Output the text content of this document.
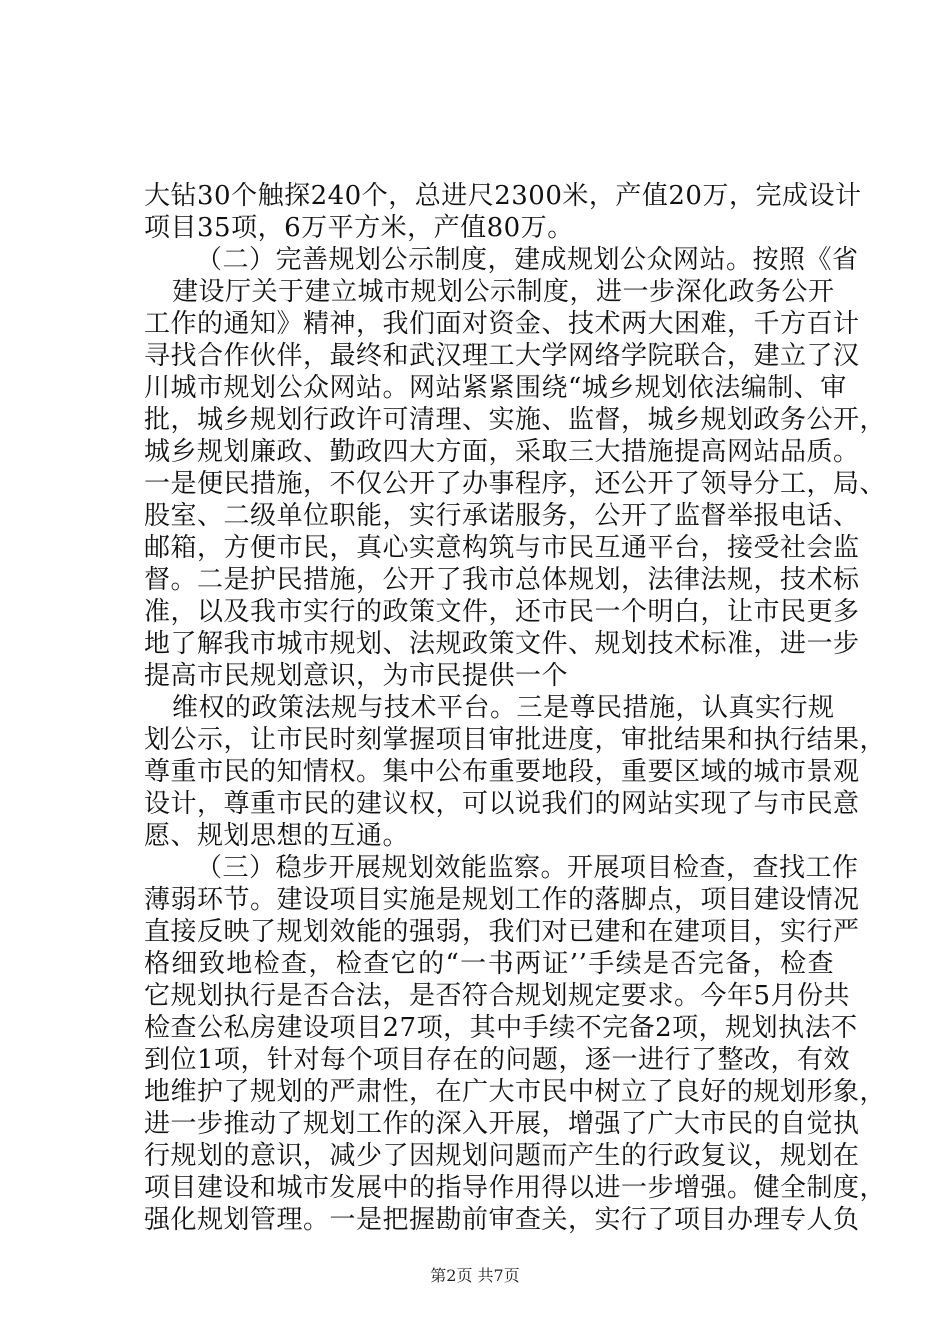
大钻30个触探240个，总进尺2300米，产值20万，完成设计
项目35项，6万平方米，产值80万。
（二）完善规划公示制度，建成规划公众网站。按照《省
建设厅关于建立城市规划公示制度，进一步深化政务公开
工作的通知》精神，我们面对资金、技术两大困难，千方百计
寻找合作伙伴，最终和武汉理工大学网络学院联合，建立了汉
川城市规划公众网站。网站紧紧围绕“城乡规划依法编制、审
批，城乡规划行政许可清理、实施、监督，城乡规划政务公开，
城乡规划廉政、勤政四大方面，采取三大措施提高网站品质。
一是便民措施，不仅公开了办事程序，还公开了领导分工，局、
股室、二级单位职能，实行承诺服务，公开了监督举报电话、
邮箱，方便市民，真心实意构筑与市民互通平台，接受社会监
督。二是护民措施，公开了我市总体规划，法律法规，技术标
准，以及我市实行的政策文件，还市民一个明白，让市民更多
地了解我市城市规划、法规政策文件、规划技术标准，进一步
提高市民规划意识，为市民提供一个
维权的政策法规与技术平台。三是尊民措施，认真实行规
划公示，让市民时刻掌握项目审批进度，审批结果和执行结果，
尊重市民的知情权。集中公布重要地段，重要区域的城市景观
设计，尊重市民的建议权，可以说我们的网站实现了与市民意
愿、规划思想的互通。
（三）稳步开展规划效能监察。开展项目检查，查找工作
薄弱环节。建设项目实施是规划工作的落脚点，项目建设情况
直接反映了规划效能的强弱，我们对已建和在建项目，实行严
格细致地检查，检查它的“一书两证’’手续是否完备，检查
它规划执行是否合法，是否符合规划规定要求。今年5月份共
检查公私房建设项目27项，其中手续不完备2项，规划执法不
到位1项，针对每个项目存在的问题，逐一进行了整改，有效
地维护了规划的严肃性，在广大市民中树立了良好的规划形象，
进一步推动了规划工作的深入开展，增强了广大市民的自觉执
行规划的意识，减少了因规划问题而产生的行政复议，规划在
项目建设和城市发展中的指导作用得以进一步增强。健全制度，
强化规划管理。一是把握勘前审查关，实行了项目办理专人负
第2页 共7页
